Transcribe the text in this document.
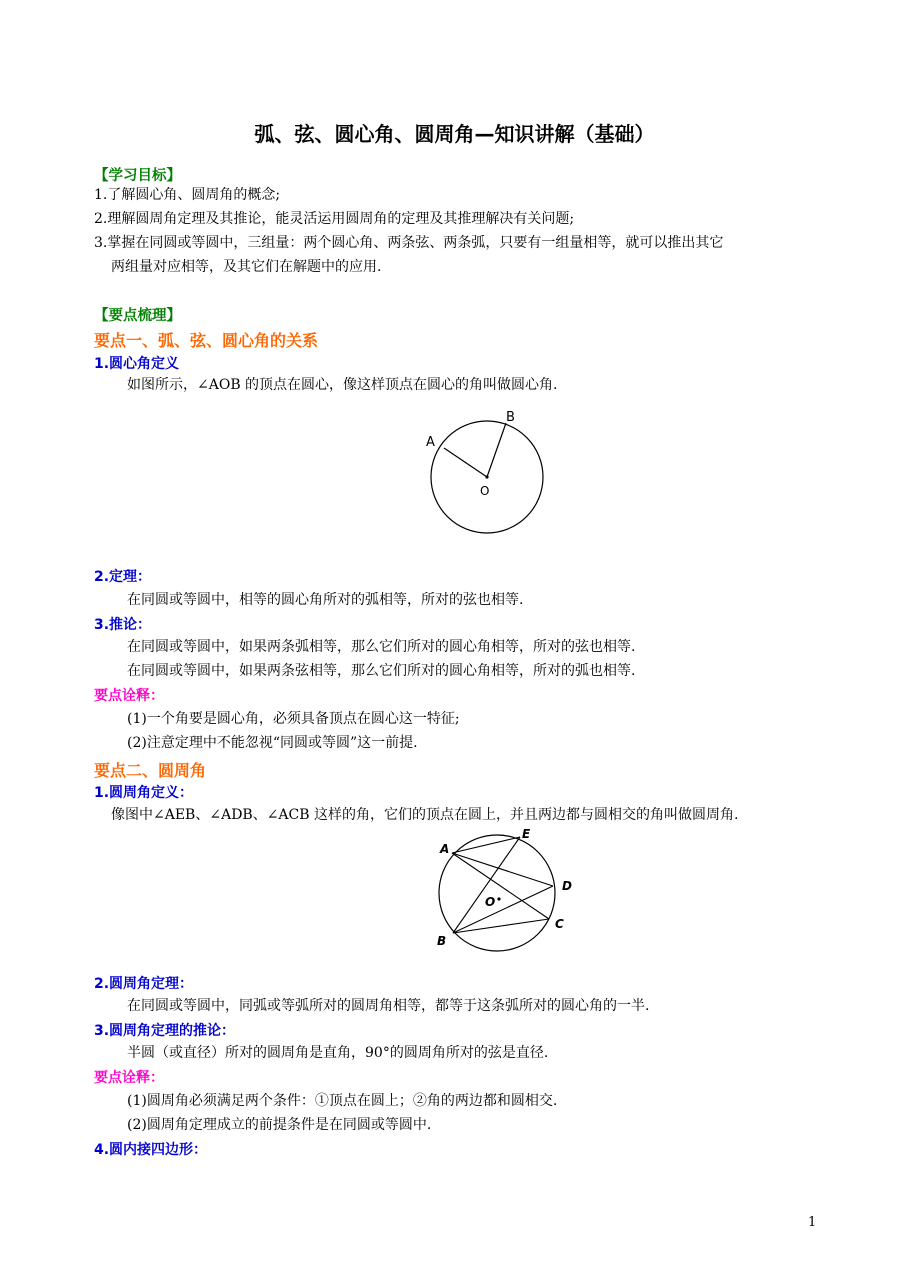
弧、弦、圆心角、圆周角—知识讲解（基础）
【学习目标】
1.了解圆心角、圆周角的概念;
2.理解圆周角定理及其推论，能灵活运用圆周角的定理及其推理解决有关问题;
3.掌握在同圆或等圆中，三组量：两个圆心角、两条弦、两条弧，只要有一组量相等，就可以推出其它
两组量对应相等，及其它们在解题中的应用.
【要点梳理】
要点一、弧、弦、圆心角的关系
1.圆心角定义
如图所示，∠AOB 的顶点在圆心，像这样顶点在圆心的角叫做圆心角.
A
B
O
2.定理：
在同圆或等圆中，相等的圆心角所对的弧相等，所对的弦也相等.
3.推论：
在同圆或等圆中，如果两条弧相等，那么它们所对的圆心角相等，所对的弦也相等.
在同圆或等圆中，如果两条弦相等，那么它们所对的圆心角相等，所对的弧也相等.
要点诠释：
(1)一个角要是圆心角，必须具备顶点在圆心这一特征;
(2)注意定理中不能忽视“同圆或等圆”这一前提.
要点二、圆周角
1.圆周角定义：
像图中∠AEB、∠ADB、∠ACB 这样的角，它们的顶点在圆上，并且两边都与圆相交的角叫做圆周角.
A
E
D
O
C
B
2.圆周角定理：
在同圆或等圆中，同弧或等弧所对的圆周角相等，都等于这条弧所对的圆心角的一半.
3.圆周角定理的推论：
半圆（或直径）所对的圆周角是直角，90°的圆周角所对的弦是直径.
要点诠释：
(1)圆周角必须满足两个条件：①顶点在圆上；②角的两边都和圆相交.
(2)圆周角定理成立的前提条件是在同圆或等圆中.
4.圆内接四边形：
1
